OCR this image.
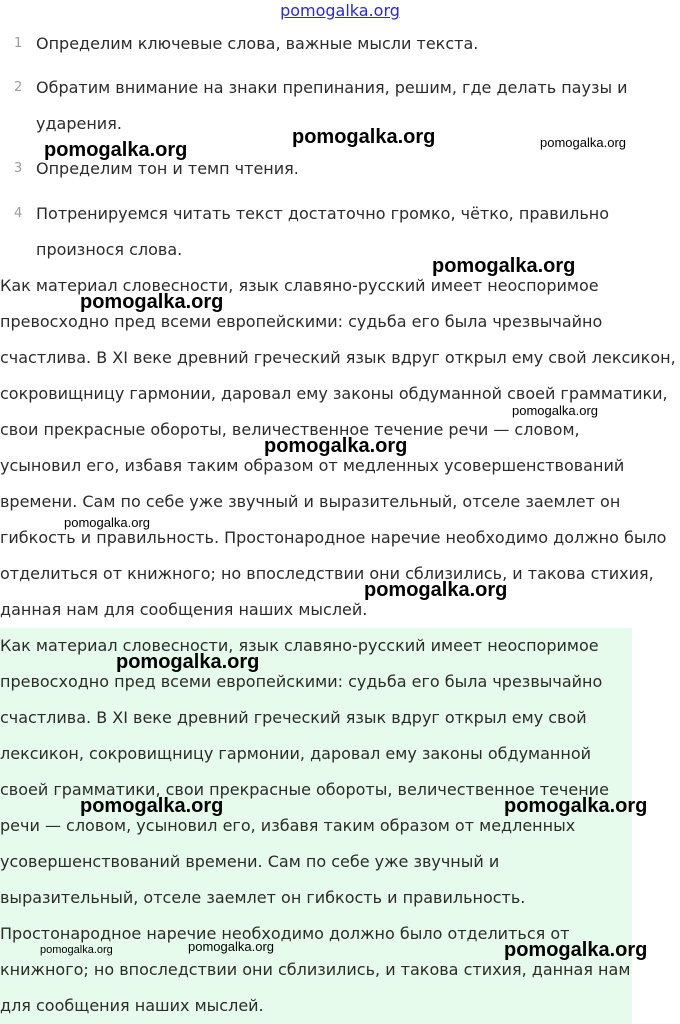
pomogalka.org
1 Определим ключевые слова, важные мысли текста.
2 Обратим внимание на знаки препинания, решим, где делать паузы и
ударения.
3 Определим тон и темп чтения.
4 Потренируемся читать текст достаточно громко, чётко, правильно
произнося слова.
Как материал словесности, язык славяно-русский имеет неоспоримое
превосходно пред всеми европейскими: судьба его была чрезвычайно
счастлива. В XI веке древний греческий язык вдруг открыл ему свой лексикон,
сокровищницу гармонии, даровал ему законы обдуманной своей грамматики,
свои прекрасные обороты, величественное течение речи — словом,
усыновил его, избавя таким образом от медленных усовершенствований
времени. Сам по себе уже звучный и выразительный, отселе заемлет он
гибкость и правильность. Простонародное наречие необходимо должно было
отделиться от книжного; но впоследствии они сблизились, и такова стихия,
данная нам для сообщения наших мыслей.
Как материал словесности, язык славяно-русский имеет неоспоримое
превосходно пред всеми европейскими: судьба его была чрезвычайно
счастлива. В XI веке древний греческий язык вдруг открыл ему свой
лексикон, сокровищницу гармонии, даровал ему законы обдуманной
своей грамматики, свои прекрасные обороты, величественное течение
речи — словом, усыновил его, избавя таким образом от медленных
усовершенствований времени. Сам по себе уже звучный и
выразительный, отселе заемлет он гибкость и правильность.
Простонародное наречие необходимо должно было отделиться от
книжного; но впоследствии они сблизились, и такова стихия, данная нам
для сообщения наших мыслей.
pomogalka.org	pomogalka.org
pomogalka.org
pomogalka.org
pomogalka.org
pomogalka.org
pomogalka.org
pomogalka.org
pomogalka.org
pomogalka.org
pomogalka.org	pomogalka.org
pomogalka.org
pomogalka.org	pomogalka.org
